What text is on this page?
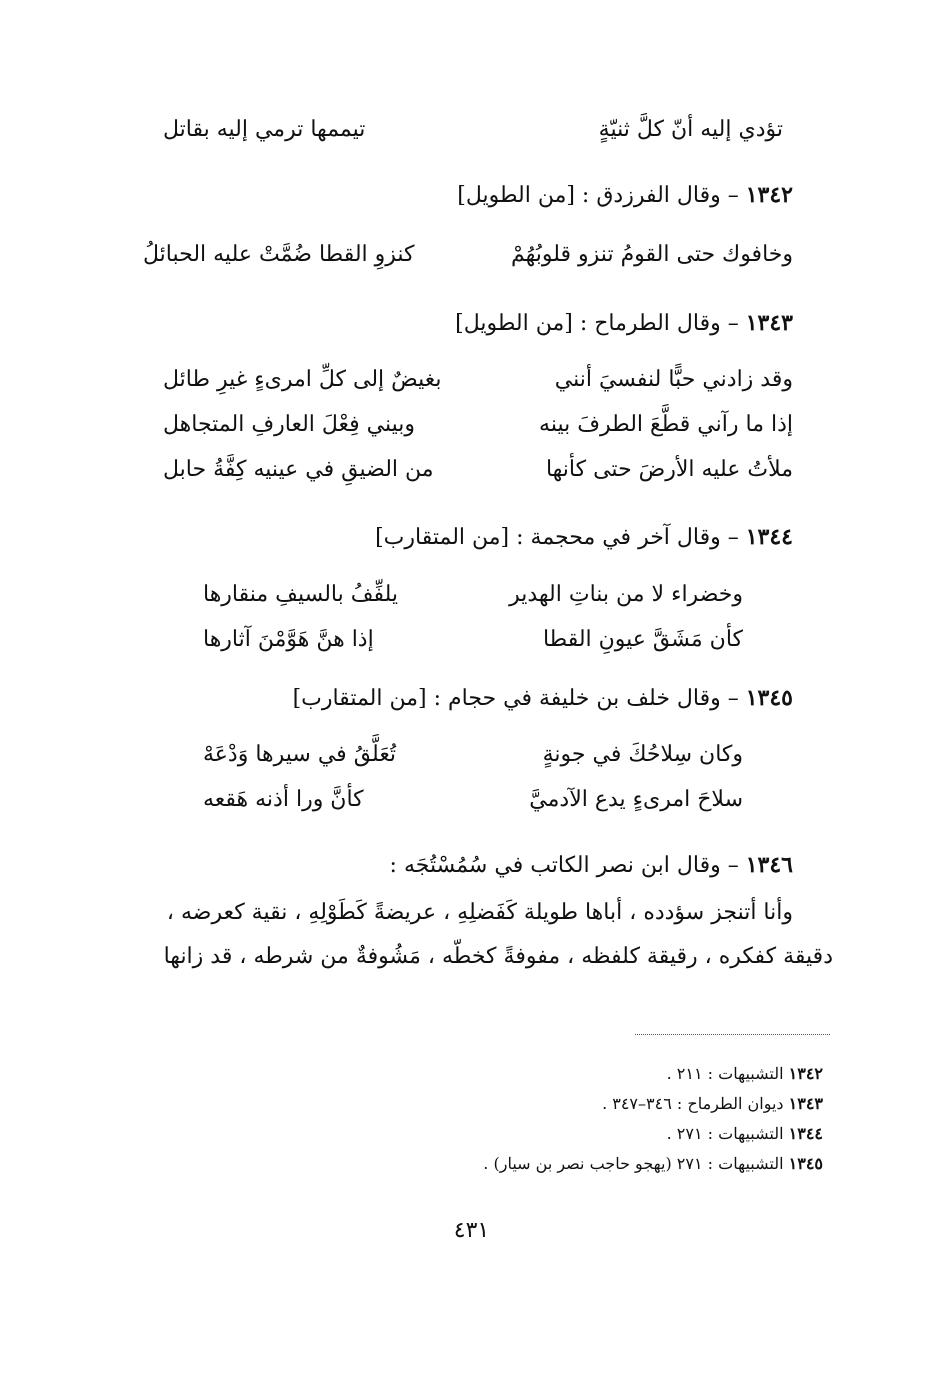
تؤدي إليه أنّ كلَّ ثنيّةٍ
تيممها ترمي إليه بقاتل
١٣٤٢ – وقال الفرزدق : [من الطويل]
وخافوك حتى القومُ تنزو قلوبُهُمْ
كنزوِ القطا ضُمَّتْ عليه الحبائلُ
١٣٤٣ – وقال الطرماح : [من الطويل]
وقد زادني حبًّا لنفسيَ أنني
بغيضٌ إلى كلِّ امرىءٍ غيرِ طائل
إذا ما رآني قطَّعَ الطرفَ بينه
وبيني فِعْلَ العارفِ المتجاهل
ملأتُ عليه الأرضَ حتى كأنها
من الضيقِ في عينيه كِفَّةُ حابل
١٣٤٤ – وقال آخر في محجمة : [من المتقارب]
وخضراء لا من بناتِ الهدير
يلفِّفُ بالسيفِ منقارها
كأن مَشَقَّ عيونِ القطا
إذا هنَّ هَوَّمْنَ آثارها
١٣٤٥ – وقال خلف بن خليفة في حجام : [من المتقارب]
وكان سِلاحُكَ في جونةٍ
تُعَلَّقُ في سيرها وَدْعَهْ
سلاحَ امرىءٍ يدع الآدميَّ
كأنَّ ورا أذنه هَقعه
١٣٤٦ – وقال ابن نصر الكاتب في سُمُسْتُجَه :
وأنا أتنجز سؤدده ، أباها طويلة كَفَضلِهِ ، عريضةً كَطَوْلِهِ ، نقية كعرضه ،
دقيقة كفكره ، رقيقة كلفظه ، مفوفةً كخطّه ، مَشُوفةٌ من شرطه ، قد زانها
١٣٤٢ التشبيهات : ٢١١ .
١٣٤٣ ديوان الطرماح : ٣٤٦–٣٤٧ .
١٣٤٤ التشبيهات : ٢٧١ .
١٣٤٥ التشبيهات : ٢٧١ (يهجو حاجب نصر بن سيار) .
٤٣١
